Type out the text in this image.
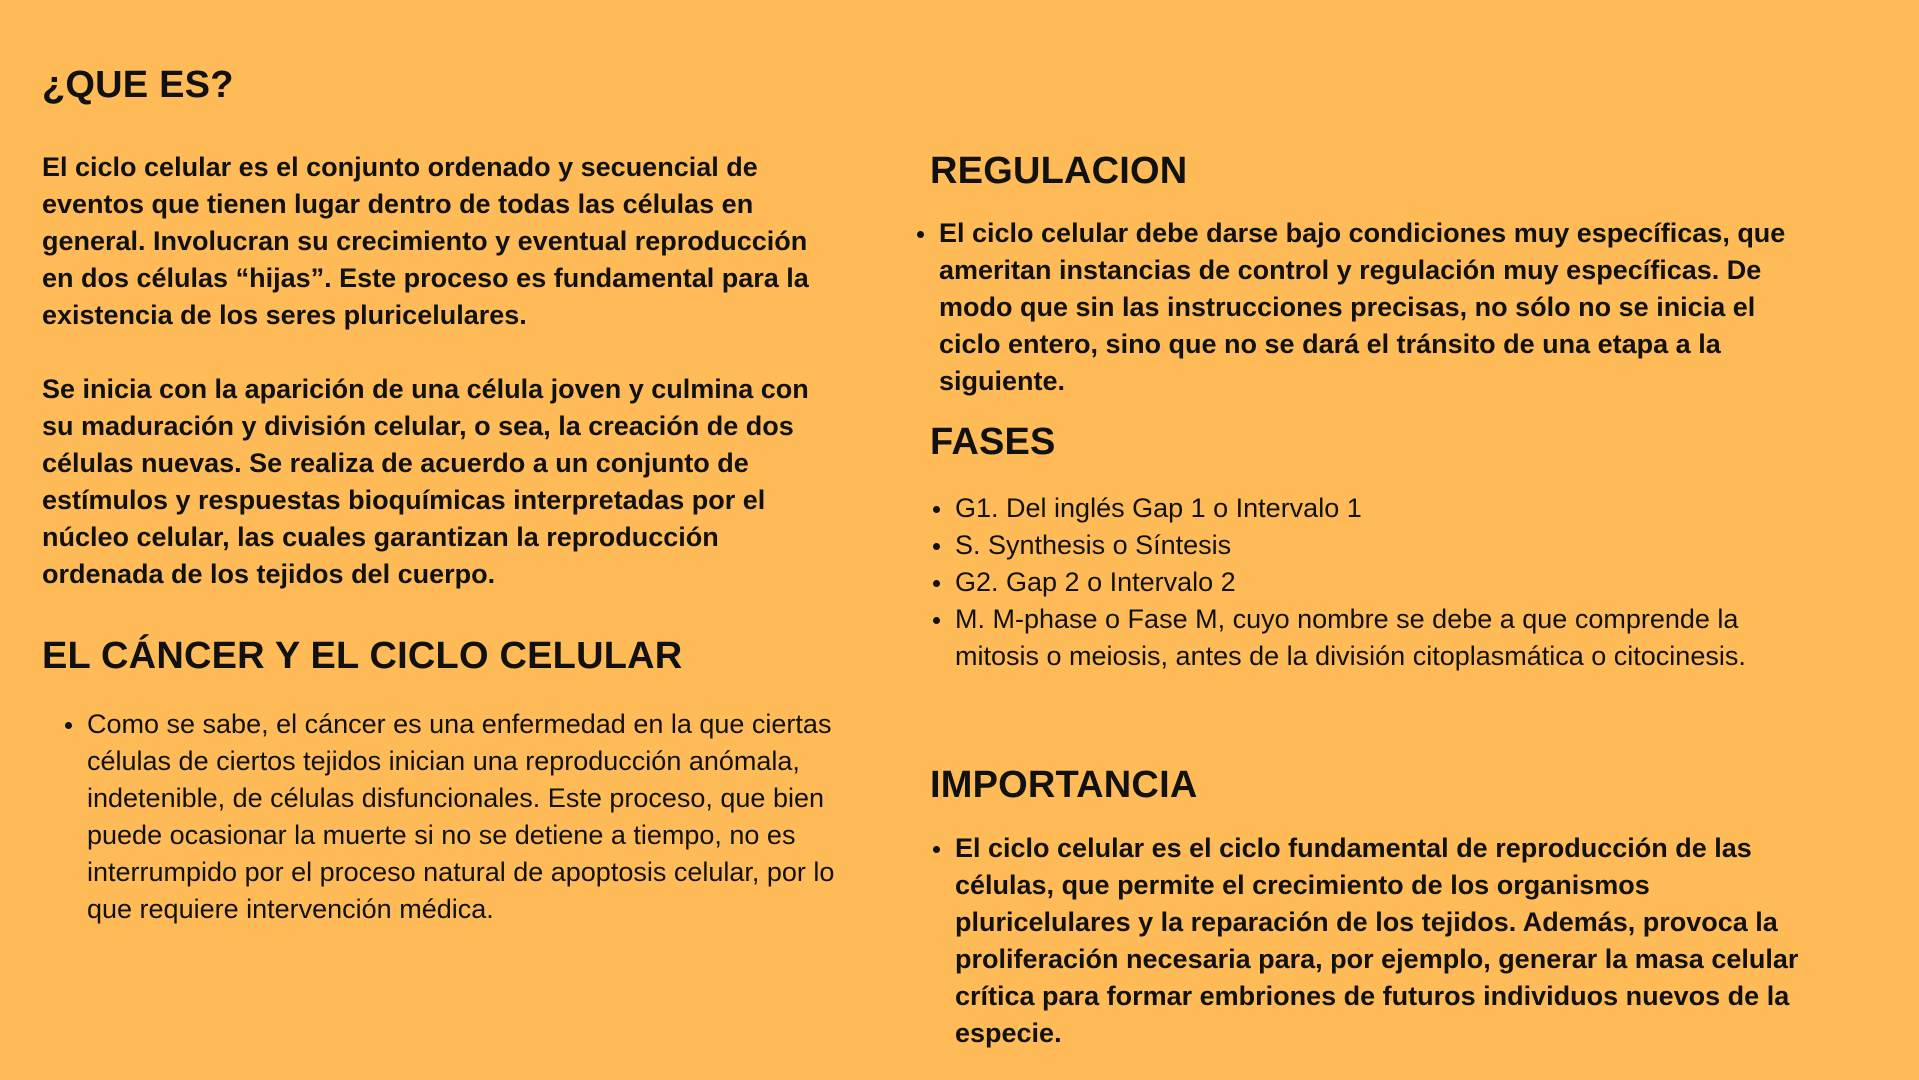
¿QUE ES?

El ciclo celular es el conjunto ordenado y secuencial de eventos que tienen lugar dentro de todas las células en general. Involucran su crecimiento y eventual reproducción en dos células “hijas”. Este proceso es fundamental para la existencia de los seres pluricelulares.

Se inicia con la aparición de una célula joven y culmina con su maduración y división celular, o sea, la creación de dos células nuevas. Se realiza de acuerdo a un conjunto de estímulos y respuestas bioquímicas interpretadas por el núcleo celular, las cuales garantizan la reproducción ordenada de los tejidos del cuerpo.

EL CÁNCER Y EL CICLO CELULAR
Como se sabe, el cáncer es una enfermedad en la que ciertas células de ciertos tejidos inician una reproducción anómala, indetenible, de células disfuncionales. Este proceso, que bien puede ocasionar la muerte si no se detiene a tiempo, no es interrumpido por el proceso natural de apoptosis celular, por lo que requiere intervención médica.
REGULACION
El ciclo celular debe darse bajo condiciones muy específicas, que ameritan instancias de control y regulación muy específicas. De modo que sin las instrucciones precisas, no sólo no se inicia el ciclo entero, sino que no se dará el tránsito de una etapa a la siguiente.
FASES
G1. Del inglés Gap 1 o Intervalo 1
S. Synthesis o Síntesis
G2. Gap 2 o Intervalo 2
M. M-phase o Fase M, cuyo nombre se debe a que comprende la mitosis o meiosis, antes de la división citoplasmática o citocinesis.
IMPORTANCIA
El ciclo celular es el ciclo fundamental de reproducción de las células, que permite el crecimiento de los organismos pluricelulares y la reparación de los tejidos. Además, provoca la proliferación necesaria para, por ejemplo, generar la masa celular crítica para formar embriones de futuros individuos nuevos de la especie.
